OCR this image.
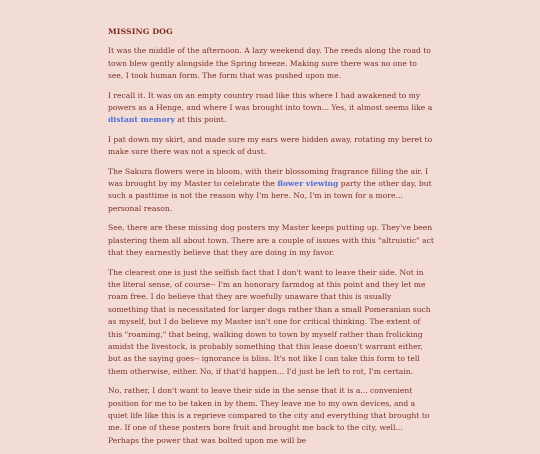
MISSING DOG

It was the middle of the afternoon. A lazy weekend day. The reeds along the road to town blew gently alongside the Spring breeze. Making sure there was no one to see, I took human form. The form that was pushed upon me.

I recall it. It was on an empty country road like this where I had awakened to my powers as a Henge, and where I was brought into town... Yes, it almost seems like a distant memory at this point.

I pat down my skirt, and made sure my ears were hidden away, rotating my beret to make sure there was not a speck of dust.

The Sakura flowers were in bloom, with their blossoming fragrance filling the air. I was brought by my Master to celebrate the flower viewing party the other day, but such a pasttime is not the reason why I'm here. No, I'm in town for a more... personal reason.

See, there are these missing dog posters my Master keeps putting up. They've been plastering them all about town. There are a couple of issues with this "altruistic" act that they earnestly believe that they are doing in my favor.

The clearest one is just the selfish fact that I don't want to leave their side. Not in the literal sense, of course-- I'm an honorary farmdog at this point and they let me roam free. I do believe that they are woefully unaware that this is usually something that is necessitated for larger dogs rather than a small Pomeranian such as myself, but I do believe my Master isn't one for critical thinking. The extent of this "roaming," that being, walking down to town by myself rather than frolicking amidst the livestock, is probably something that this lease doesn't warrant either, but as the saying goes-- ignorance is bliss. It's not like I can take this form to tell them otherwise, either. No, if that'd happen... I'd just be left to rot, I'm certain.

No, rather, I don't want to leave their side in the sense that it is a... convenient position for me to be taken in by them. They leave me to my own devices, and a quiet life like this is a reprieve compared to the city and everything that brought to me. If one of these posters bore fruit and brought me back to the city, well... Perhaps the power that was bolted upon me will be
